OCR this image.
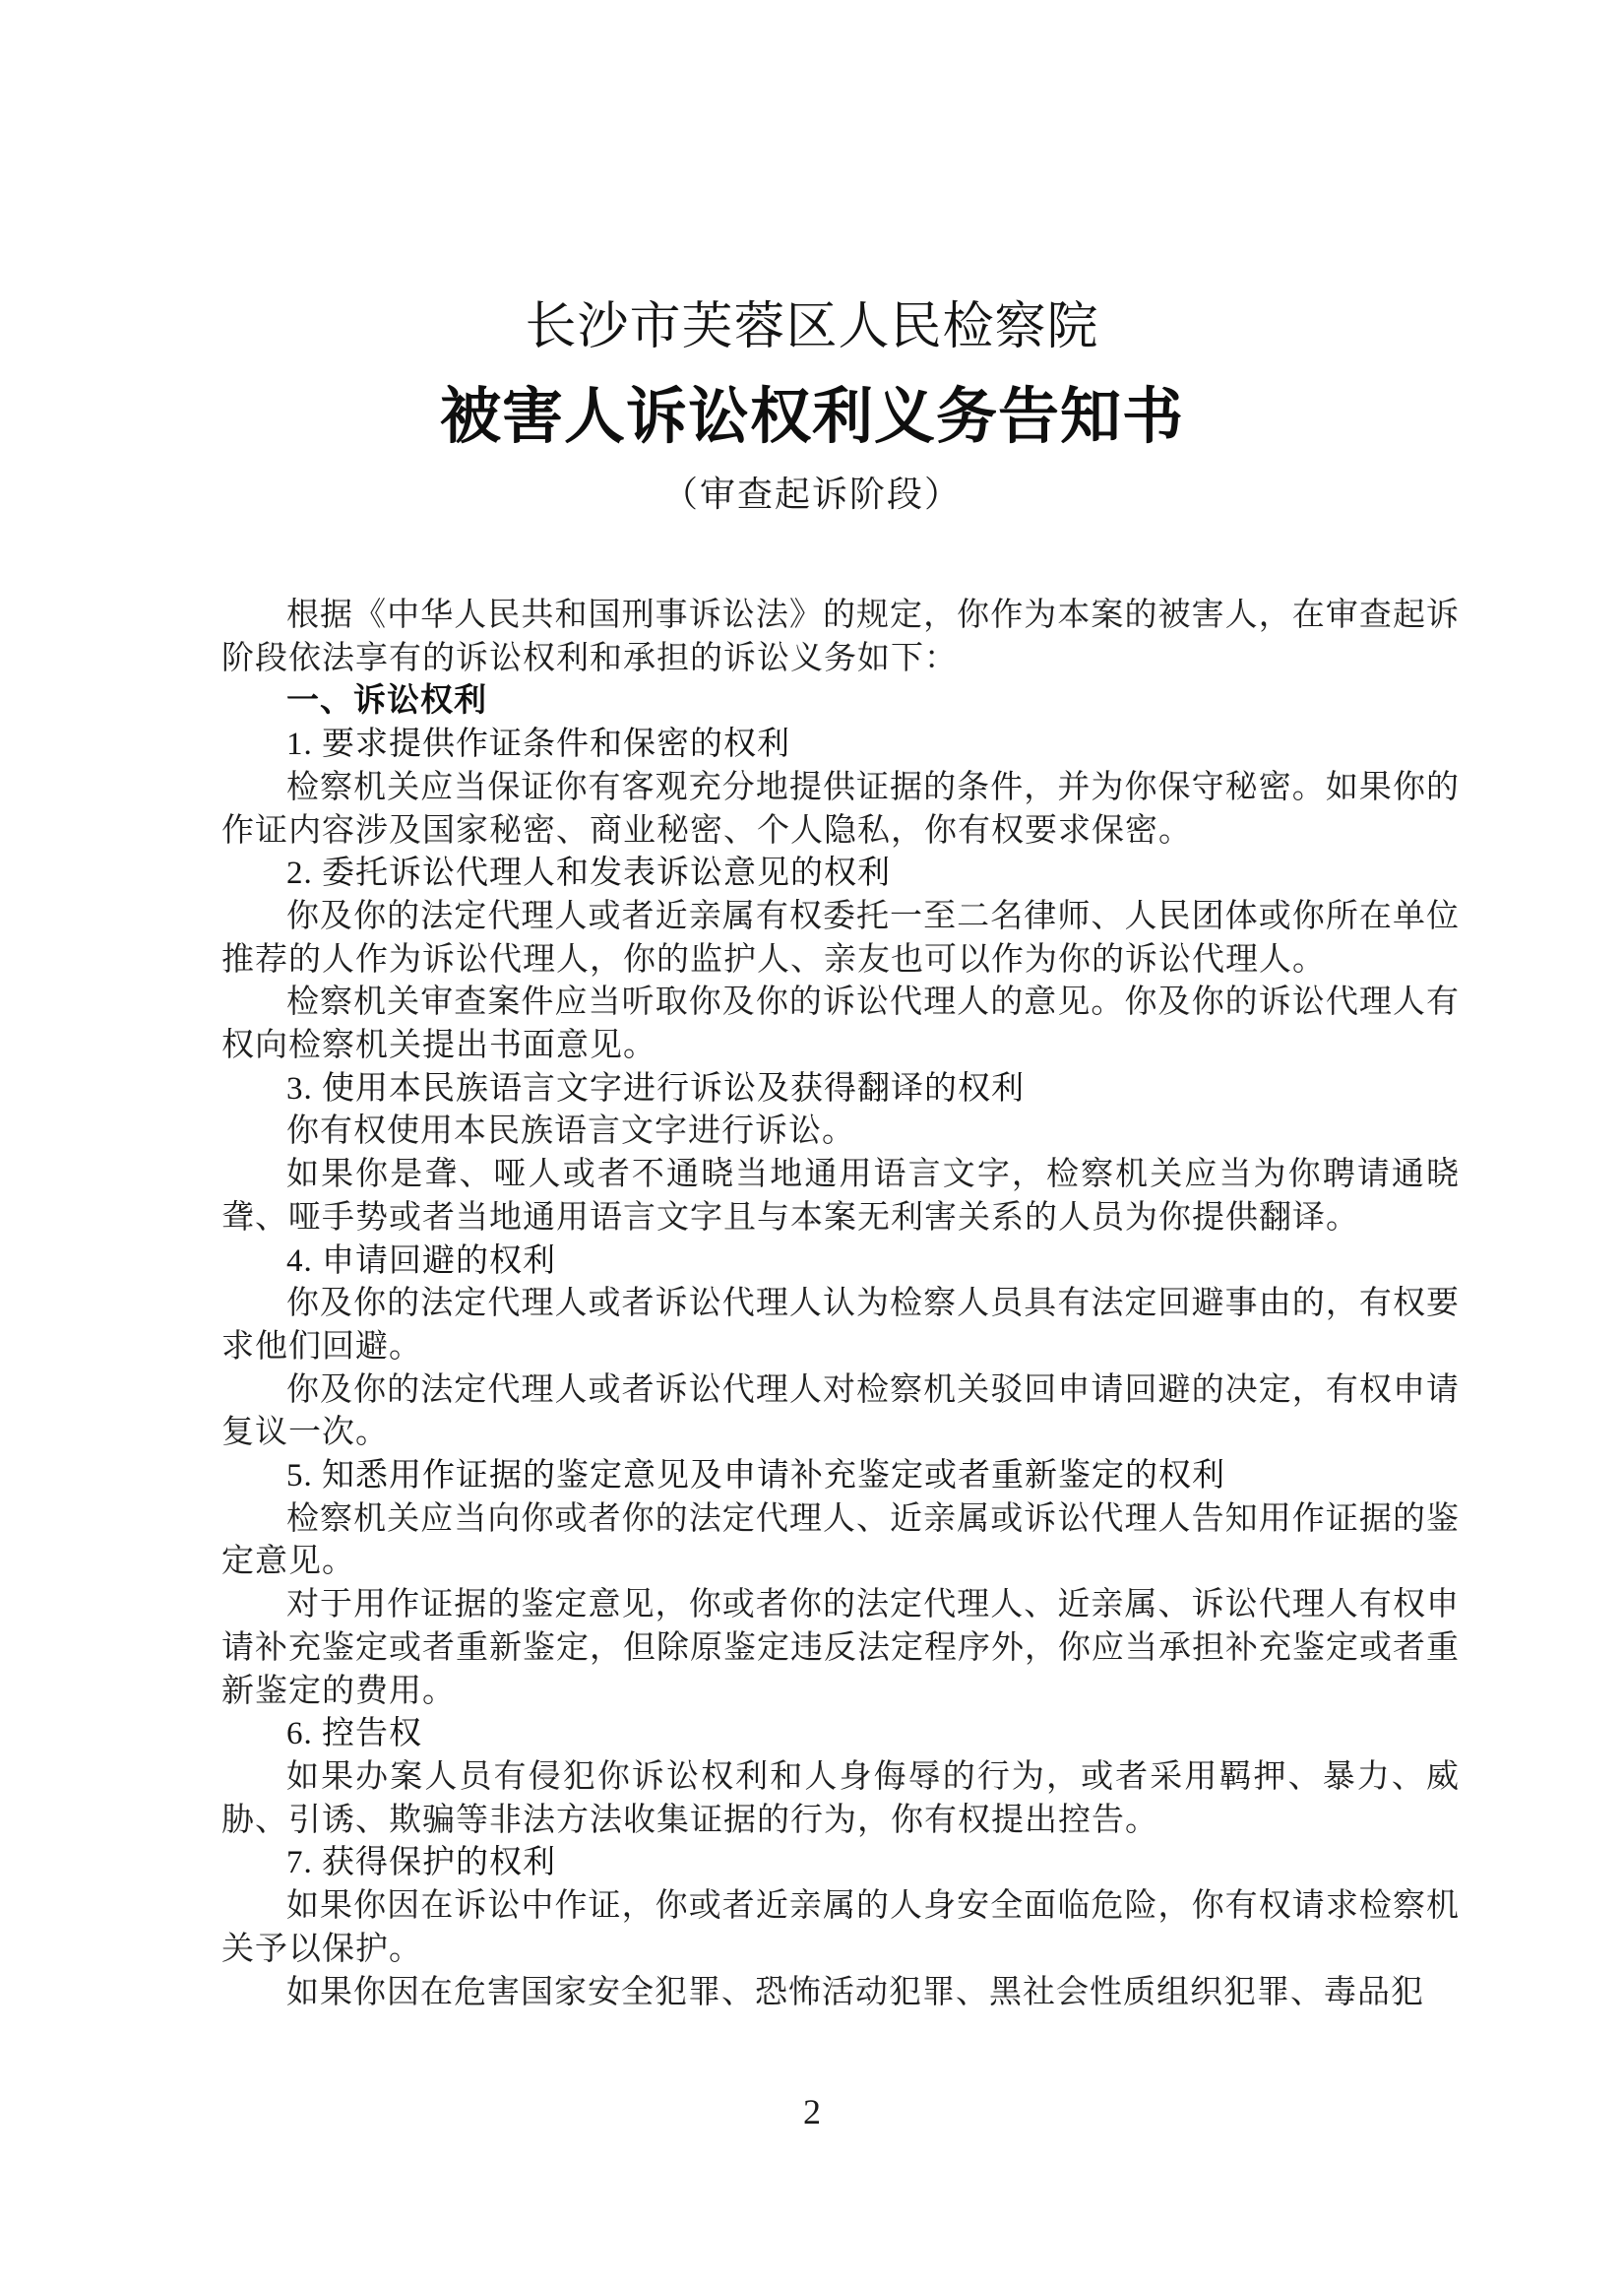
长沙市芙蓉区人民检察院
被害人诉讼权利义务告知书
（审查起诉阶段）

根据《中华人民共和国刑事诉讼法》的规定，你作为本案的被害人，在审查起诉阶段依法享有的诉讼权利和承担的诉讼义务如下：

一、诉讼权利

1. 要求提供作证条件和保密的权利

检察机关应当保证你有客观充分地提供证据的条件，并为你保守秘密。如果你的作证内容涉及国家秘密、商业秘密、个人隐私，你有权要求保密。

2. 委托诉讼代理人和发表诉讼意见的权利

你及你的法定代理人或者近亲属有权委托一至二名律师、人民团体或你所在单位推荐的人作为诉讼代理人，你的监护人、亲友也可以作为你的诉讼代理人。

检察机关审查案件应当听取你及你的诉讼代理人的意见。你及你的诉讼代理人有权向检察机关提出书面意见。

3. 使用本民族语言文字进行诉讼及获得翻译的权利

你有权使用本民族语言文字进行诉讼。

如果你是聋、哑人或者不通晓当地通用语言文字，检察机关应当为你聘请通晓聋、哑手势或者当地通用语言文字且与本案无利害关系的人员为你提供翻译。

4. 申请回避的权利

你及你的法定代理人或者诉讼代理人认为检察人员具有法定回避事由的，有权要求他们回避。

你及你的法定代理人或者诉讼代理人对检察机关驳回申请回避的决定，有权申请复议一次。

5. 知悉用作证据的鉴定意见及申请补充鉴定或者重新鉴定的权利

检察机关应当向你或者你的法定代理人、近亲属或诉讼代理人告知用作证据的鉴定意见。

对于用作证据的鉴定意见，你或者你的法定代理人、近亲属、诉讼代理人有权申请补充鉴定或者重新鉴定，但除原鉴定违反法定程序外，你应当承担补充鉴定或者重新鉴定的费用。

6. 控告权

如果办案人员有侵犯你诉讼权利和人身侮辱的行为，或者采用羁押、暴力、威胁、引诱、欺骗等非法方法收集证据的行为，你有权提出控告。

7. 获得保护的权利

如果你因在诉讼中作证，你或者近亲属的人身安全面临危险，你有权请求检察机关予以保护。

如果你因在危害国家安全犯罪、恐怖活动犯罪、黑社会性质组织犯罪、毒品犯

2
